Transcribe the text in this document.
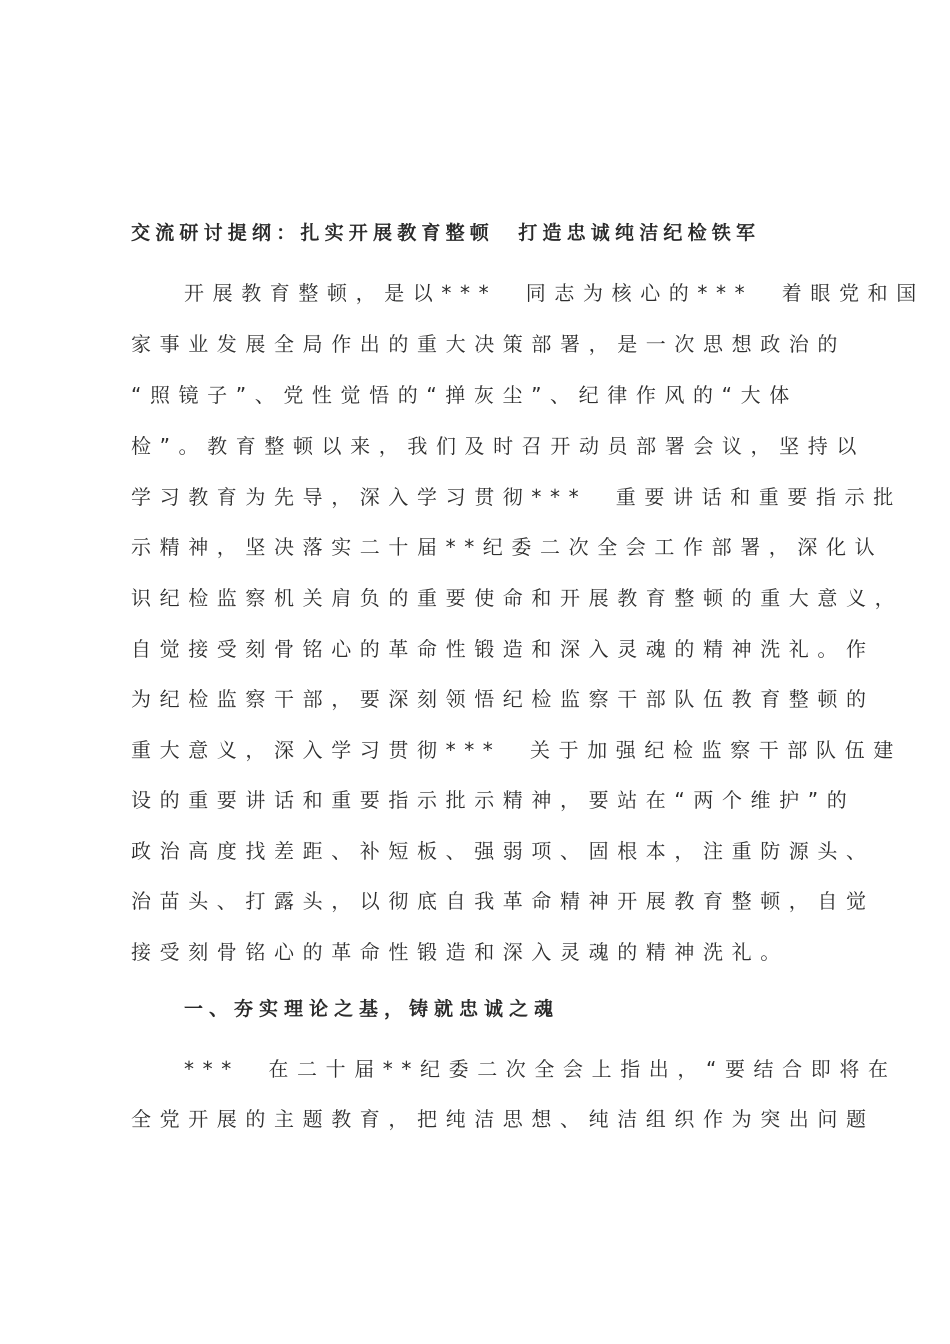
交流研讨提纲：扎实开展教育整顿　打造忠诚纯洁纪检铁军
开展教育整顿，是以***　同志为核心的***　着眼党和国
家事业发展全局作出的重大决策部署，是一次思想政治的
“照镜子”、党性觉悟的“掸灰尘”、纪律作风的“大体
检”。教育整顿以来，我们及时召开动员部署会议，坚持以
学习教育为先导，深入学习贯彻***　重要讲话和重要指示批
示精神，坚决落实二十届**纪委二次全会工作部署，深化认
识纪检监察机关肩负的重要使命和开展教育整顿的重大意义，
自觉接受刻骨铭心的革命性锻造和深入灵魂的精神洗礼。作
为纪检监察干部，要深刻领悟纪检监察干部队伍教育整顿的
重大意义，深入学习贯彻***　关于加强纪检监察干部队伍建
设的重要讲话和重要指示批示精神，要站在“两个维护”的
政治高度找差距、补短板、强弱项、固根本，注重防源头、
治苗头、打露头，以彻底自我革命精神开展教育整顿，自觉
接受刻骨铭心的革命性锻造和深入灵魂的精神洗礼。
一、夯实理论之基，铸就忠诚之魂
***　在二十届**纪委二次全会上指出，“要结合即将在
全党开展的主题教育，把纯洁思想、纯洁组织作为突出问题
